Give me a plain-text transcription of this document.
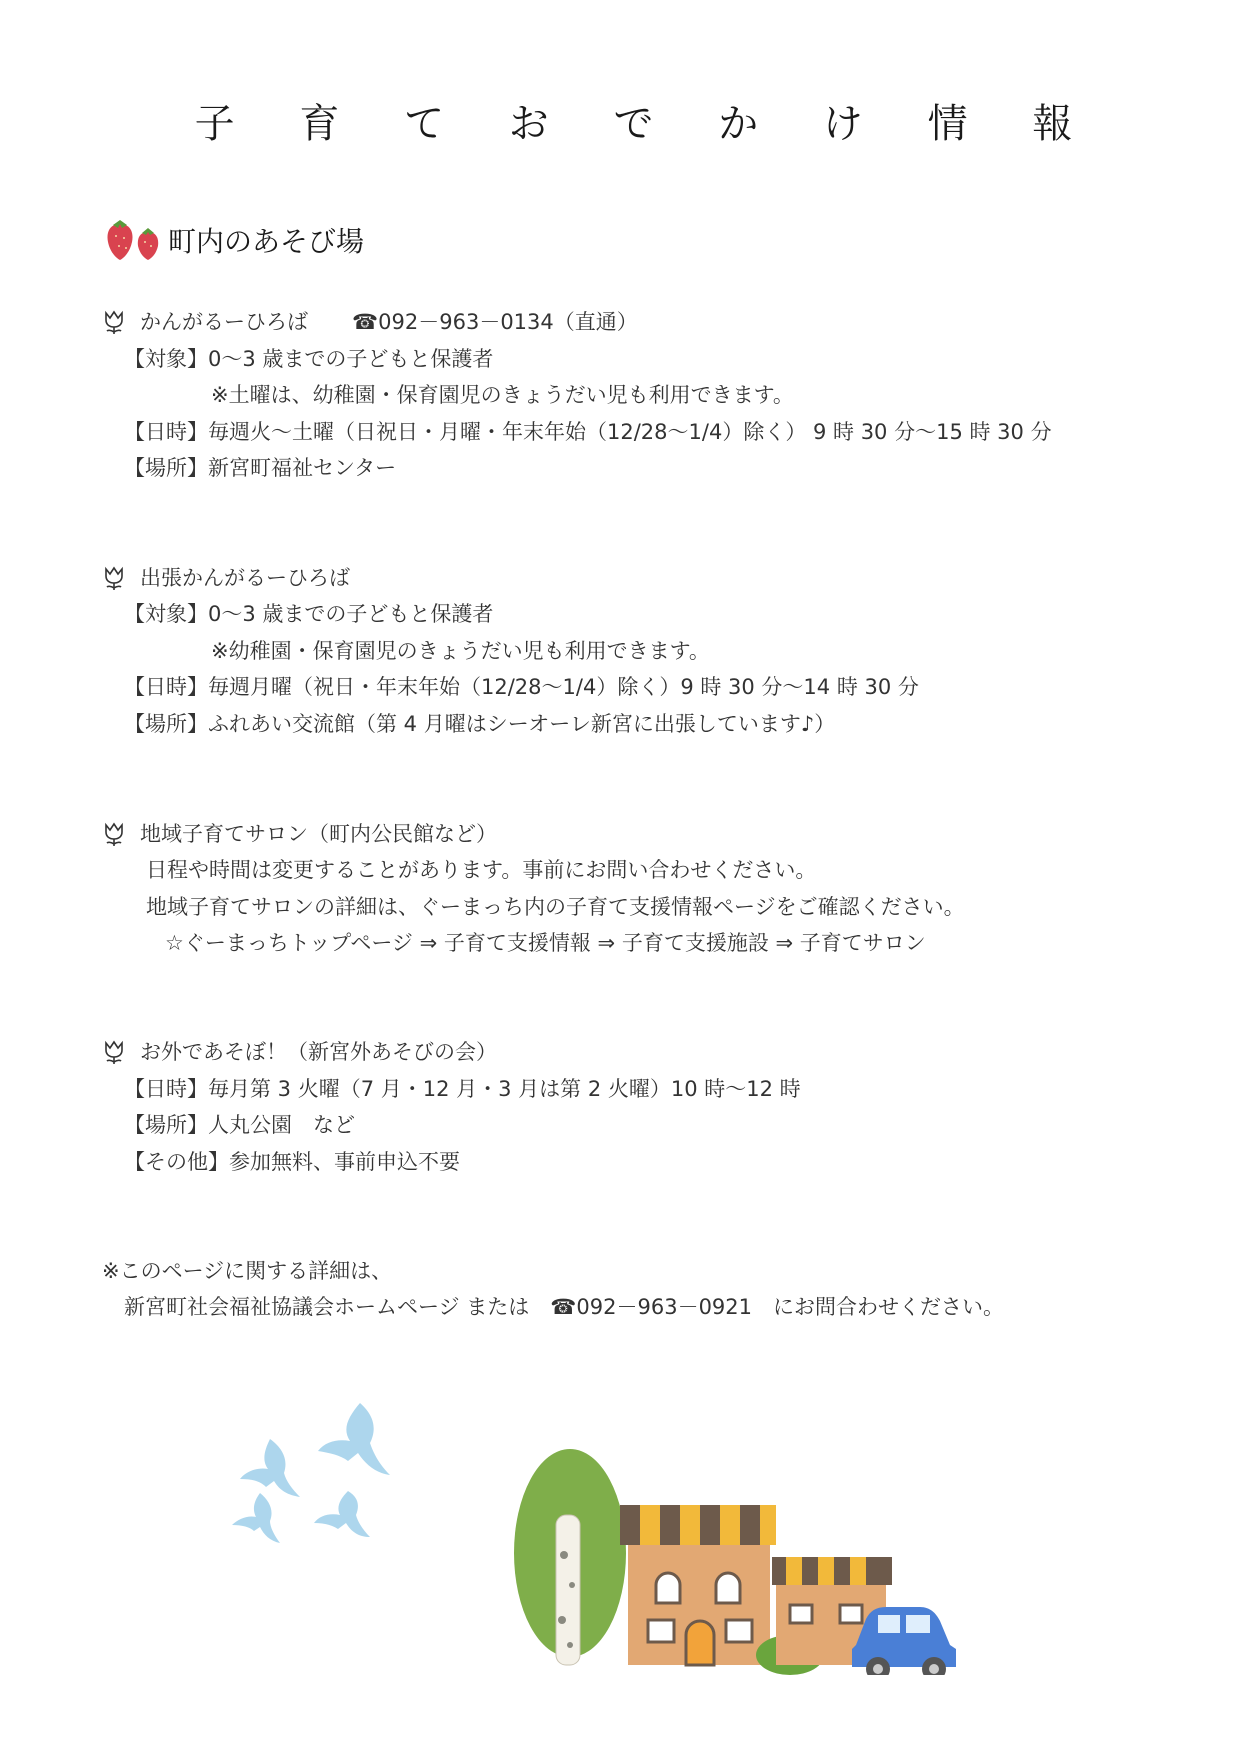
子 育 て お で か け 情 報
町内のあそび場
かんがるーひろば ☎092－963－0134（直通）
【対象】0～3 歳までの子どもと保護者
※土曜は、幼稚園・保育園児のきょうだい児も利用できます。
【日時】毎週火～土曜（日祝日・月曜・年末年始（12/28～1/4）除く） 9 時 30 分～15 時 30 分
【場所】新宮町福祉センター
出張かんがるーひろば
【対象】0～3 歳までの子どもと保護者
※幼稚園・保育園児のきょうだい児も利用できます。
【日時】毎週月曜（祝日・年末年始（12/28～1/4）除く）9 時 30 分～14 時 30 分
【場所】ふれあい交流館（第 4 月曜はシーオーレ新宮に出張しています♪）
地域子育てサロン（町内公民館など）
日程や時間は変更することがあります。事前にお問い合わせください。
地域子育てサロンの詳細は、ぐーまっち内の子育て支援情報ページをご確認ください。
☆ぐーまっちトップページ ⇒ 子育て支援情報 ⇒ 子育て支援施設 ⇒ 子育てサロン
お外であそぼ！（新宮外あそびの会）
【日時】毎月第 3 火曜（7 月・12 月・3 月は第 2 火曜）10 時～12 時
【場所】人丸公園　など
【その他】参加無料、事前申込不要
※このページに関する詳細は、
新宮町社会福祉協議会ホームページ または　☎092－963－0921　にお問合わせください。
